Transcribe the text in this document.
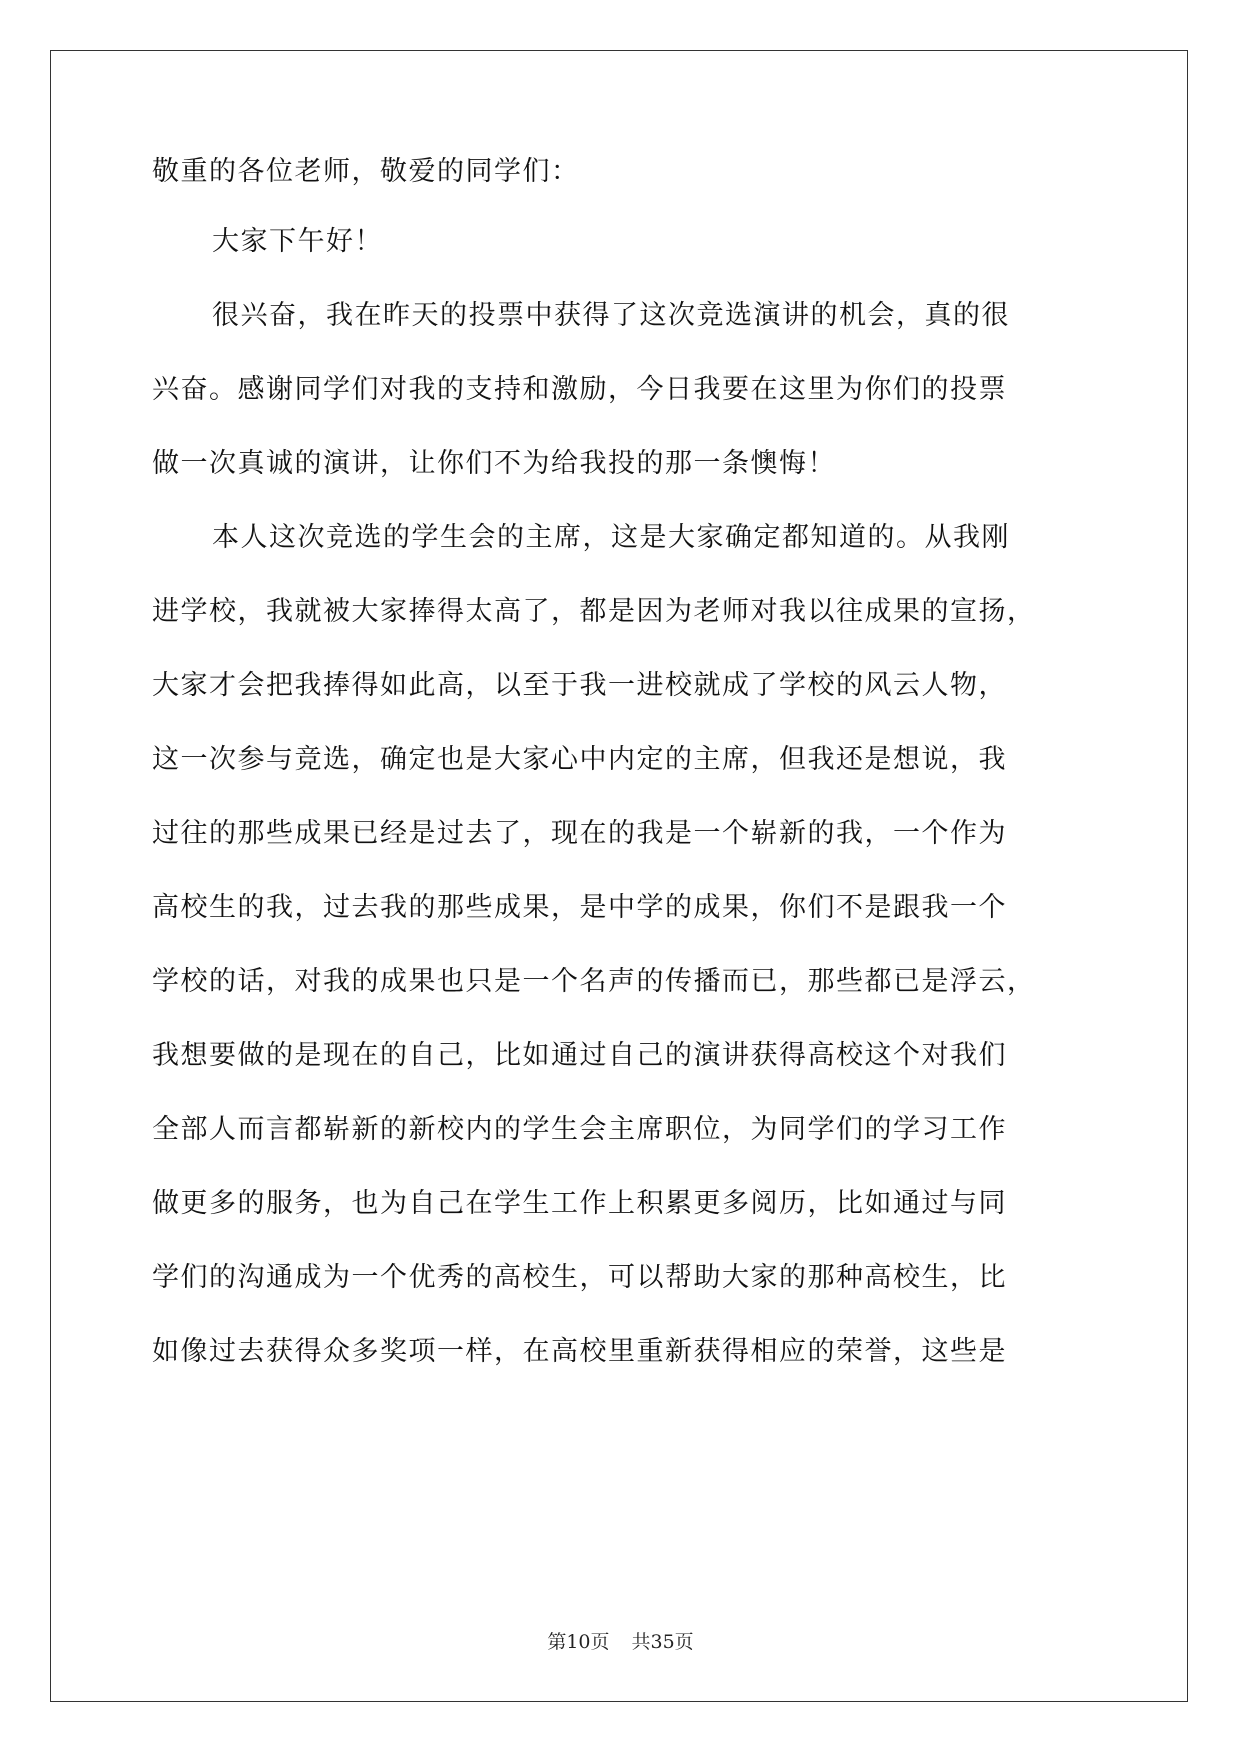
敬重的各位老师，敬爱的同学们：
大家下午好！
很兴奋，我在昨天的投票中获得了这次竞选演讲的机会，真的很
兴奋。感谢同学们对我的支持和激励，今日我要在这里为你们的投票
做一次真诚的演讲，让你们不为给我投的那一条懊悔！
本人这次竞选的学生会的主席，这是大家确定都知道的。从我刚
进学校，我就被大家捧得太高了，都是因为老师对我以往成果的宣扬，
大家才会把我捧得如此高，以至于我一进校就成了学校的风云人物，
这一次参与竞选，确定也是大家心中内定的主席，但我还是想说，我
过往的那些成果已经是过去了，现在的我是一个崭新的我，一个作为
高校生的我，过去我的那些成果，是中学的成果，你们不是跟我一个
学校的话，对我的成果也只是一个名声的传播而已，那些都已是浮云，
我想要做的是现在的自己，比如通过自己的演讲获得高校这个对我们
全部人而言都崭新的新校内的学生会主席职位，为同学们的学习工作
做更多的服务，也为自己在学生工作上积累更多阅历，比如通过与同
学们的沟通成为一个优秀的高校生，可以帮助大家的那种高校生，比
如像过去获得众多奖项一样，在高校里重新获得相应的荣誉，这些是
第10页 共35页
